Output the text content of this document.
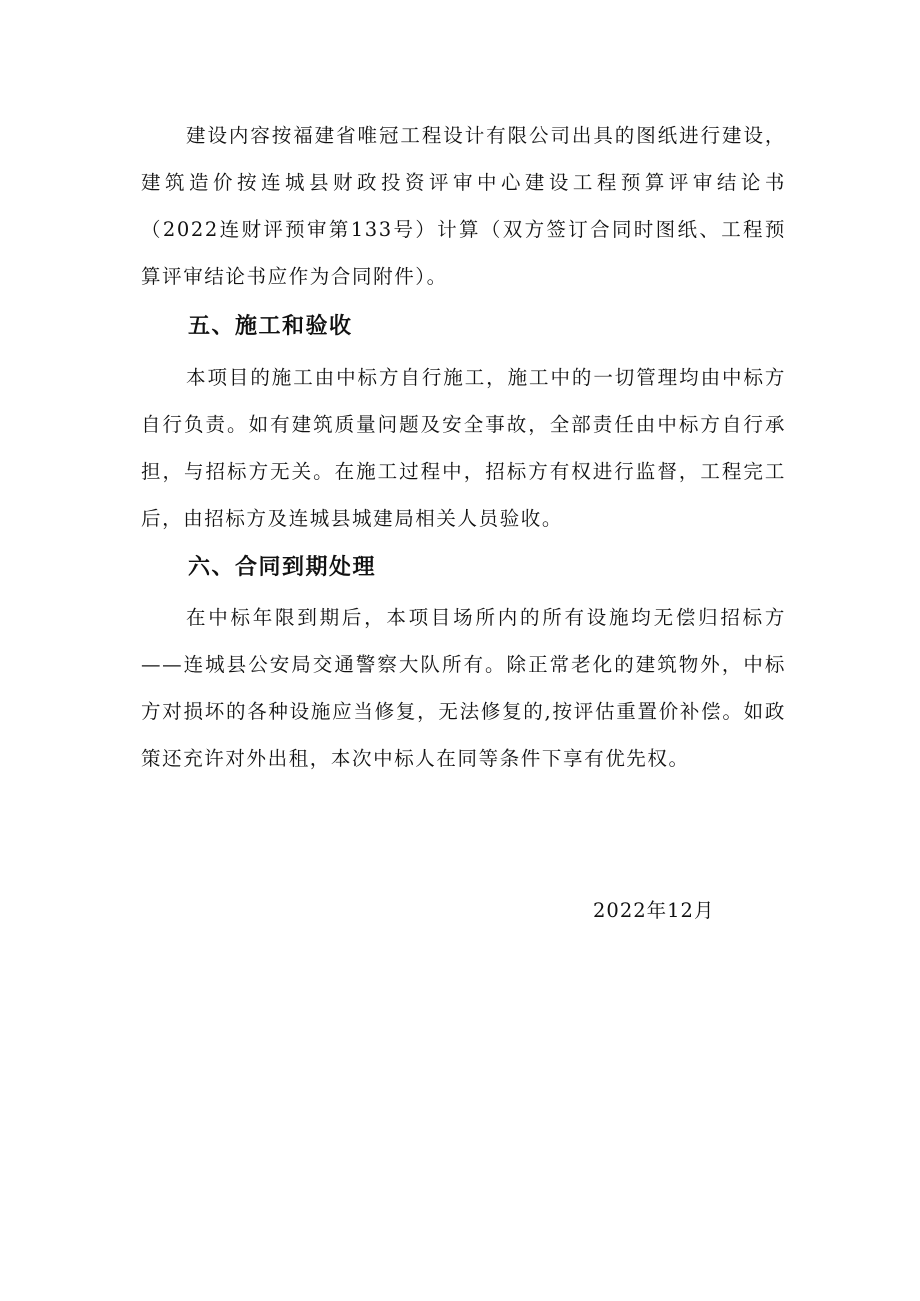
建设内容按福建省唯冠工程设计有限公司出具的图纸进行建设，建筑造价按连城县财政投资评审中心建设工程预算评审结论书（2022连财评预审第133号）计算（双方签订合同时图纸、工程预算评审结论书应作为合同附件）。

五、施工和验收

本项目的施工由中标方自行施工，施工中的一切管理均由中标方自行负责。如有建筑质量问题及安全事故，全部责任由中标方自行承担，与招标方无关。在施工过程中，招标方有权进行监督，工程完工后，由招标方及连城县城建局相关人员验收。

六、合同到期处理

在中标年限到期后，本项目场所内的所有设施均无偿归招标方——连城县公安局交通警察大队所有。除正常老化的建筑物外，中标方对损坏的各种设施应当修复，无法修复的,按评估重置价补偿。如政策还充许对外出租，本次中标人在同等条件下享有优先权。

2022年12月
